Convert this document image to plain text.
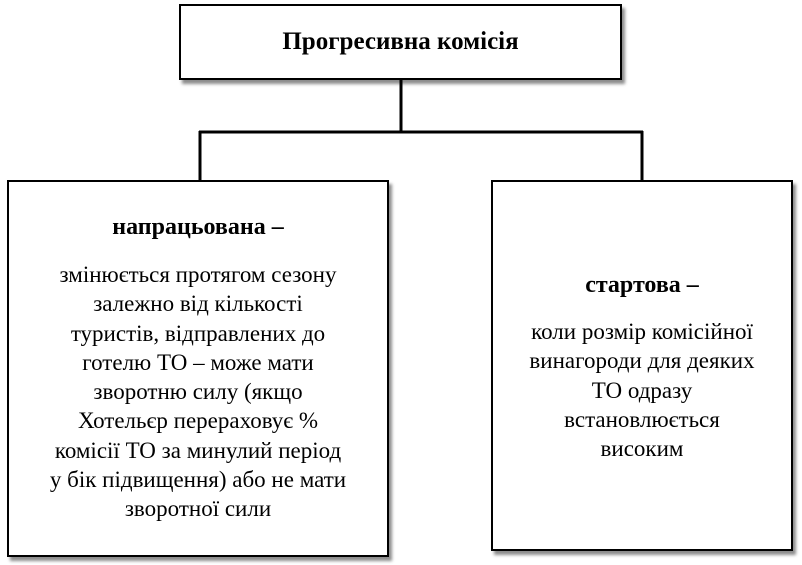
Прогресивна комісія
напрацьована –
змінюється протягом сезону
залежно від кількості
туристів, відправлених до
готелю ТО – може мати
зворотню силу (якщо
Хотельєр перераховує %
комісії ТО за минулий період
у бік підвищення) або не мати
зворотної сили
стартова –
коли розмір комісійної
винагороди для деяких
ТО одразу
встановлюється
високим
